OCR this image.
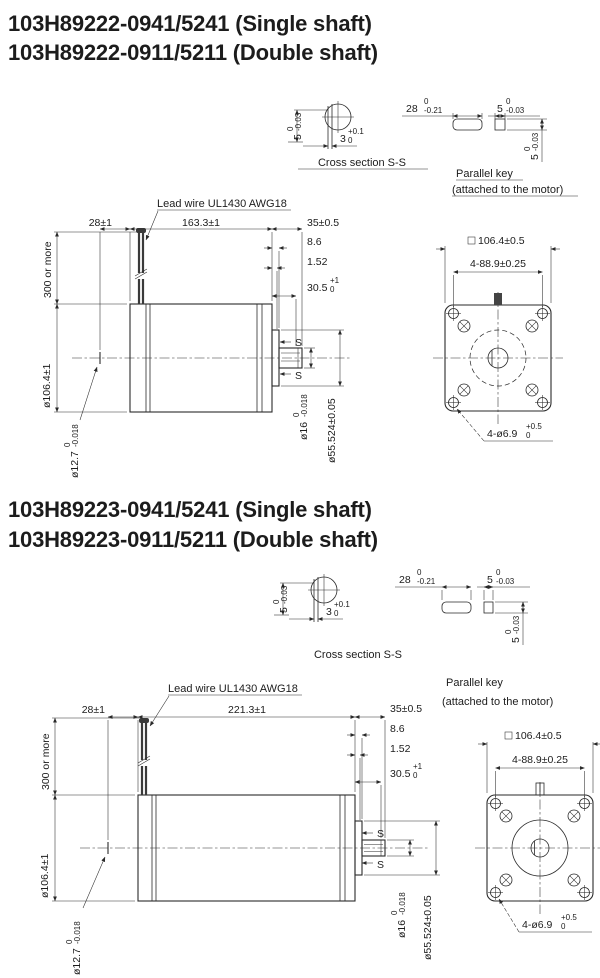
103H89222-0941/5241 (Single shaft)
103H89222-0911/5211 (Double shaft)
5
0 -0.03
3
+0.1
0
Cross section S-S
28
0
-0.21	5
0
-0.03
5
0 -0.03
Parallel key
(attached to the motor)
Lead wire UL1430 AWG18
28±1	163.3±1	35±0.5
8.6
1.52
30.5
+1
0
300 or more
ø106.4±1
ø12.7
0 -0.018	ø16
0 -0.018 ø55.524±0.05
S
S
106.4±0.5
4-88.9±0.25
4-ø6.9
+0.5
0
103H89223-0941/5241 (Single shaft)
103H89223-0911/5211 (Double shaft)
5
0 -0.03
3
+0.1
0
Cross section S-S
28
0
-0.21	5
0
-0.03
5
0 -0.03
Parallel key
(attached to the motor)
Lead wire UL1430 AWG18
28±1	221.3±1	35±0.5
8.6
1.52
30.5
+1
0
300 or more
ø106.4±1
ø12.7
0 -0.018	ø16
0 -0.018 ø55.524±0.05
S
S
106.4±0.5
4-88.9±0.25
4-ø6.9
+0.5
0
